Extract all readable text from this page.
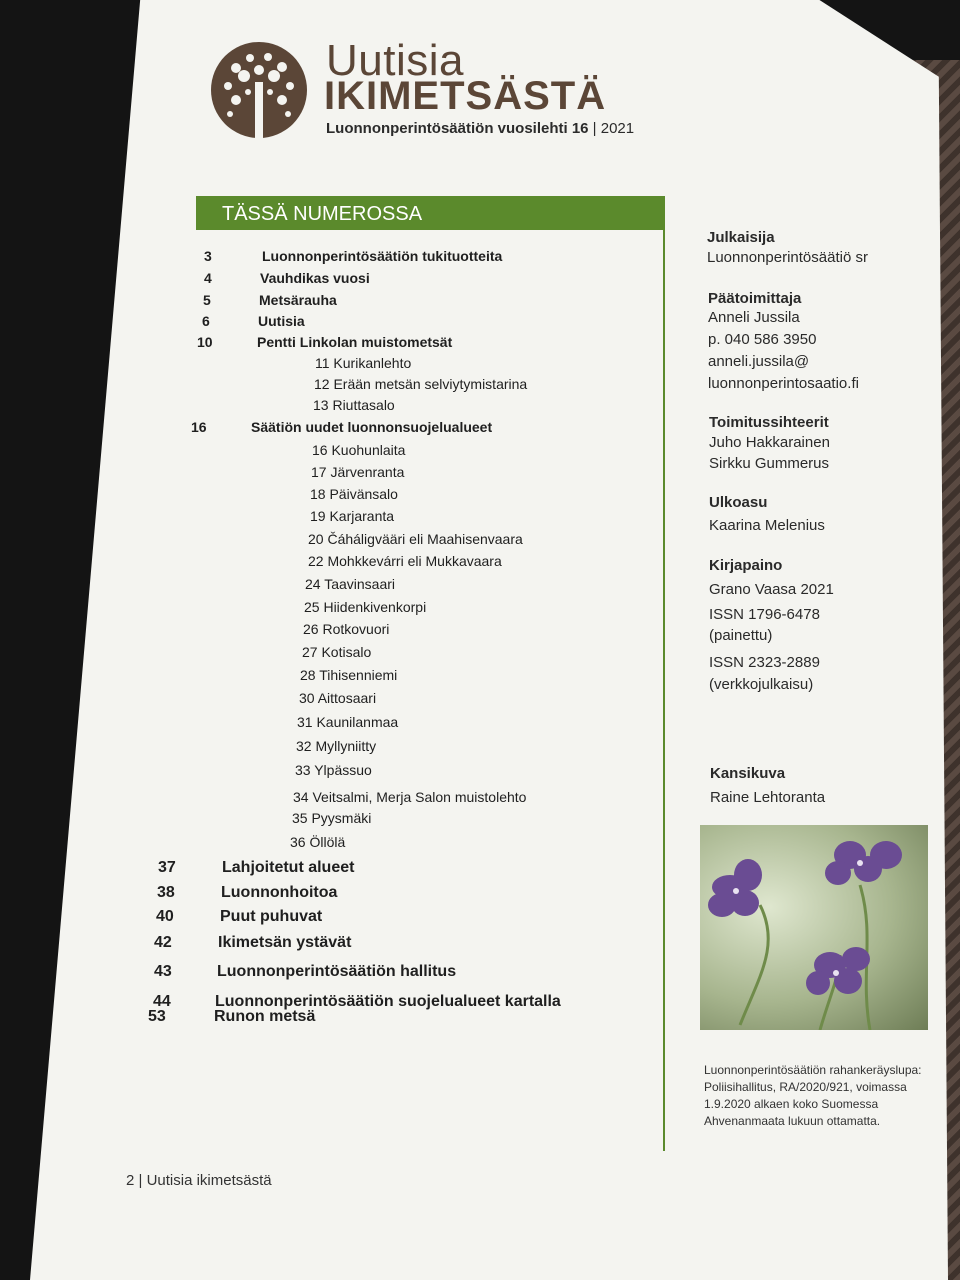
Uutisia
IKIMETSÄSTÄ
Luonnonperintösäätiön vuosilehti 16 | 2021
TÄSSÄ NUMEROSSA
3	Luonnonperintösäätiön tukituotteita
4	Vauhdikas vuosi
5	Metsärauha
6	Uutisia
10	Pentti Linkolan muistometsät
11 Kurikanlehto
12 Erään metsän selviytymistarina
13 Riuttasalo
16	Säätiön uudet luonnonsuojelualueet
16 Kuohunlaita
17 Järvenranta
18 Päivänsalo
19 Karjaranta
20 Čáháligvääri eli Maahisenvaara
22 Mohkkevárri eli Mukkavaara
24 Taavinsaari
25 Hiidenkivenkorpi
26 Rotkovuori
27 Kotisalo
28 Tihisenniemi
30 Aittosaari
31 Kaunilanmaa
32 Myllyniitty
33 Ylpässuo
34 Veitsalmi, Merja Salon muistolehto
35 Pyysmäki
36 Öllölä
37	Lahjoitetut alueet
38	Luonnonhoitoa
40	Puut puhuvat
42	Ikimetsän ystävät
43	Luonnonperintösäätiön hallitus
44	Luonnonperintösäätiön suojelualueet kartalla
53	Runon metsä
Julkaisija
Luonnonperintösäätiö sr
Päätoimittaja
Anneli Jussila
p. 040 586 3950
anneli.jussila@
luonnonperintosaatio.fi
Toimitussihteerit
Juho Hakkarainen
Sirkku Gummerus
Ulkoasu
Kaarina Melenius
Kirjapaino
Grano Vaasa 2021
ISSN 1796-6478
(painettu)
ISSN 2323-2889
(verkkojulkaisu)
Kansikuva
Raine Lehtoranta
Luonnonperintösäätiön rahankeräyslupa: Poliisihallitus, RA/2020/921, voimassa 1.9.2020 alkaen koko Suomessa Ahvenanmaata lukuun ottamatta.
2 | Uutisia ikimetsästä
